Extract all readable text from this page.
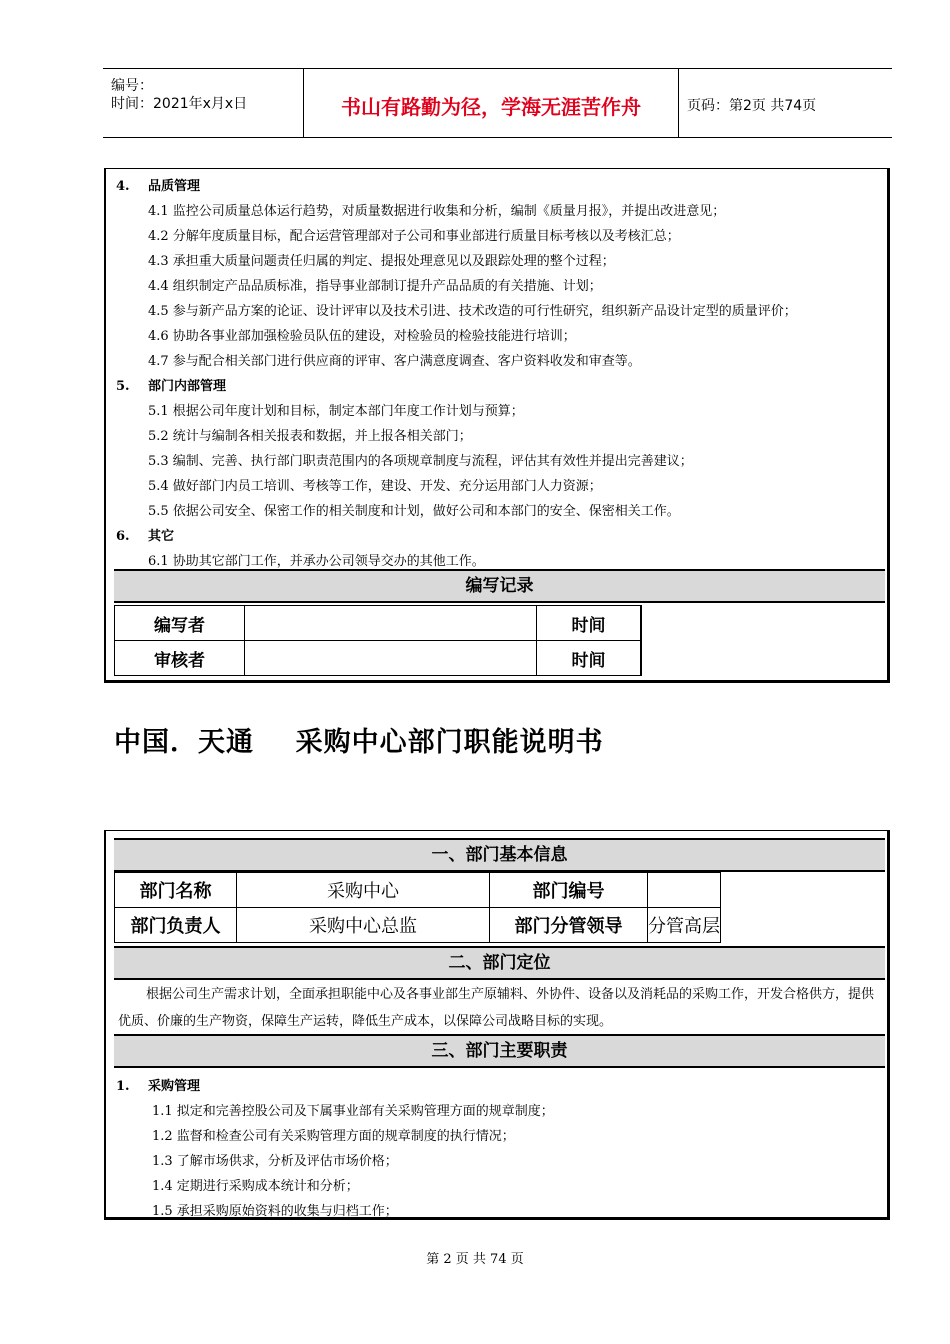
编号：
时间：2021年x月x日	书山有路勤为径，学海无涯苦作舟	页码：第2页 共74页
4. 品质管理
4.1 监控公司质量总体运行趋势，对质量数据进行收集和分析，编制《质量月报》，并提出改进意见；
4.2 分解年度质量目标，配合运营管理部对子公司和事业部进行质量目标考核以及考核汇总；
4.3 承担重大质量问题责任归属的判定、提报处理意见以及跟踪处理的整个过程；
4.4 组织制定产品品质标准，指导事业部制订提升产品品质的有关措施、计划；
4.5 参与新产品方案的论证、设计评审以及技术引进、技术改造的可行性研究，组织新产品设计定型的质量评价；
4.6 协助各事业部加强检验员队伍的建设，对检验员的检验技能进行培训；
4.7 参与配合相关部门进行供应商的评审、客户满意度调查、客户资料收发和审查等。
5. 部门内部管理
5.1 根据公司年度计划和目标，制定本部门年度工作计划与预算；
5.2 统计与编制各相关报表和数据，并上报各相关部门；
5.3 编制、完善、执行部门职责范围内的各项规章制度与流程，评估其有效性并提出完善建议；
5.4 做好部门内员工培训、考核等工作，建设、开发、充分运用部门人力资源；
5.5 依据公司安全、保密工作的相关制度和计划，做好公司和本部门的安全、保密相关工作。
6. 其它
6.1 协助其它部门工作，并承办公司领导交办的其他工作。
编写记录
编写者		时间	
审核者		时间	
中国．天通    采购中心部门职能说明书
一、部门基本信息
部门名称	采购中心	部门编号	
部门负责人	采购中心总监	部门分管领导	分管高层
二、部门定位
根据公司生产需求计划，全面承担职能中心及各事业部生产原辅料、外协件、设备以及消耗品的采购工作，开发合格供方，提供优质、价廉的生产物资，保障生产运转，降低生产成本，以保障公司战略目标的实现。
三、部门主要职责
1. 采购管理
1.1 拟定和完善控股公司及下属事业部有关采购管理方面的规章制度；
1.2 监督和检查公司有关采购管理方面的规章制度的执行情况；
1.3 了解市场供求，分析及评估市场价格；
1.4 定期进行采购成本统计和分析；
1.5 承担采购原始资料的收集与归档工作；
第 2 页 共 74 页
